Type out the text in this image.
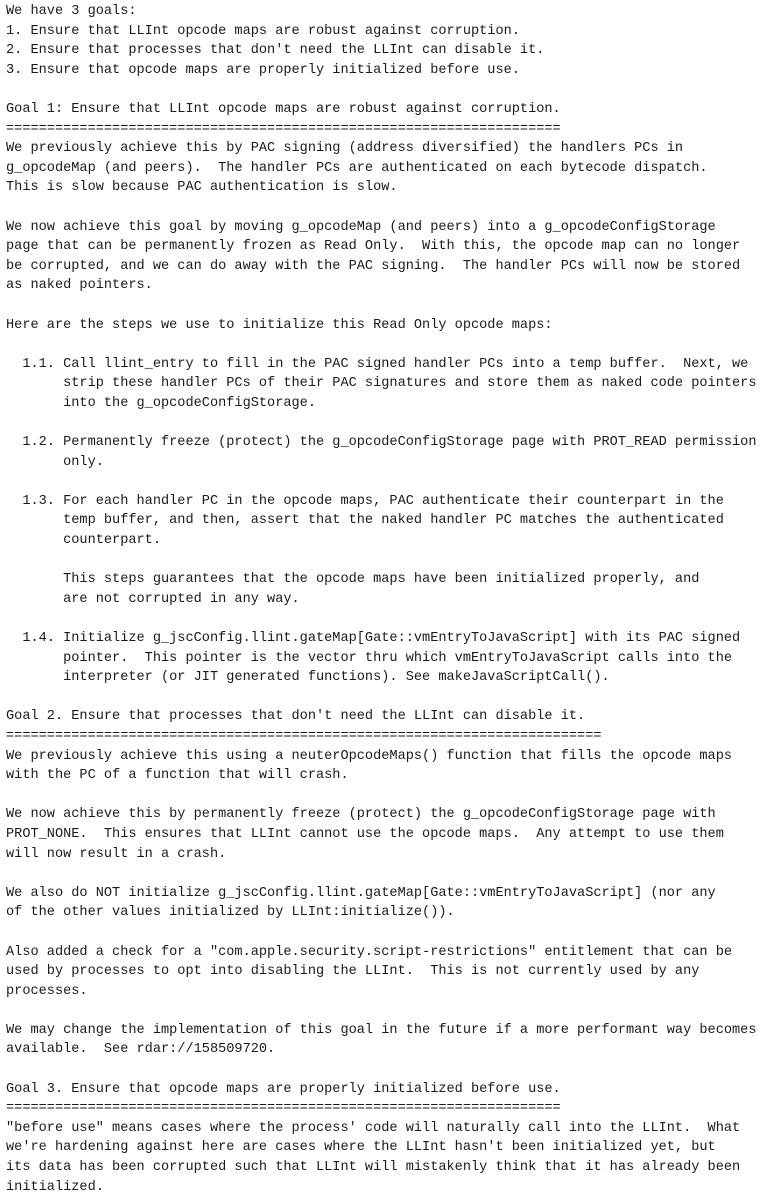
We have 3 goals:
1. Ensure that LLInt opcode maps are robust against corruption.
2. Ensure that processes that don't need the LLInt can disable it.
3. Ensure that opcode maps are properly initialized before use.
Goal 1: Ensure that LLInt opcode maps are robust against corruption.
====================================================================
We previously achieve this by PAC signing (address diversified) the handlers PCs in
g_opcodeMap (and peers).  The handler PCs are authenticated on each bytecode dispatch.
This is slow because PAC authentication is slow.
We now achieve this goal by moving g_opcodeMap (and peers) into a g_opcodeConfigStorage
page that can be permanently frozen as Read Only.  With this, the opcode map can no longer
be corrupted, and we can do away with the PAC signing.  The handler PCs will now be stored
as naked pointers.
Here are the steps we use to initialize this Read Only opcode maps:
1.1. Call llint_entry to fill in the PAC signed handler PCs into a temp buffer.  Next, we
strip these handler PCs of their PAC signatures and store them as naked code pointers
into the g_opcodeConfigStorage.
1.2. Permanently freeze (protect) the g_opcodeConfigStorage page with PROT_READ permission
only.
1.3. For each handler PC in the opcode maps, PAC authenticate their counterpart in the
temp buffer, and then, assert that the naked handler PC matches the authenticated
counterpart.
This steps guarantees that the opcode maps have been initialized properly, and
are not corrupted in any way.
1.4. Initialize g_jscConfig.llint.gateMap[Gate::vmEntryToJavaScript] with its PAC signed
pointer.  This pointer is the vector thru which vmEntryToJavaScript calls into the
interpreter (or JIT generated functions). See makeJavaScriptCall().
Goal 2. Ensure that processes that don't need the LLInt can disable it.
=========================================================================
We previously achieve this using a neuterOpcodeMaps() function that fills the opcode maps
with the PC of a function that will crash.
We now achieve this by permanently freeze (protect) the g_opcodeConfigStorage page with
PROT_NONE.  This ensures that LLInt cannot use the opcode maps.  Any attempt to use them
will now result in a crash.
We also do NOT initialize g_jscConfig.llint.gateMap[Gate::vmEntryToJavaScript] (nor any
of the other values initialized by LLInt:initialize()).
Also added a check for a "com.apple.security.script-restrictions" entitlement that can be
used by processes to opt into disabling the LLInt.  This is not currently used by any
processes.
We may change the implementation of this goal in the future if a more performant way becomes
available.  See rdar://158509720.
Goal 3. Ensure that opcode maps are properly initialized before use.
====================================================================
"before use" means cases where the process' code will naturally call into the LLInt.  What
we're hardening against here are cases where the LLInt hasn't been initialized yet, but
its data has been corrupted such that LLInt will mistakenly think that it has already been
initialized.
